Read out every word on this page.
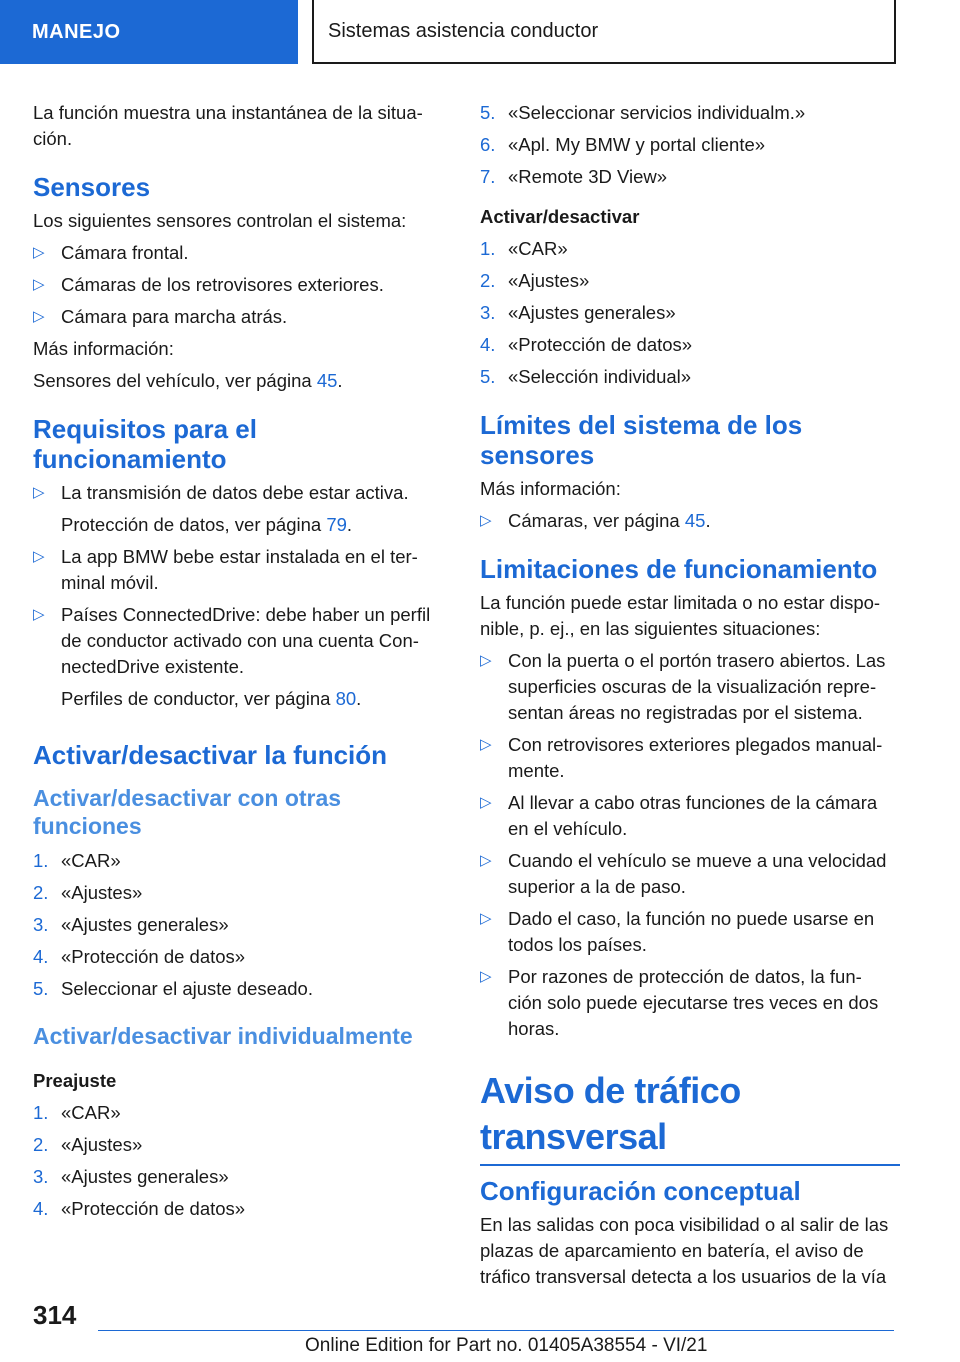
MANEJO	Sistemas asistencia conductor

La función muestra una instantánea de la situa‑ ción.

Sensores

Los siguientes sensores controlan el sistema:

▷ Cámara frontal.
▷ Cámaras de los retrovisores exteriores.
▷ Cámara para marcha atrás.

Más información:

Sensores del vehículo, ver página 45.

Requisitos para el funcionamiento
▷ La transmisión de datos debe estar activa.

Protección de datos, ver página 79.

▷ La app BMW bebe estar instalada en el ter‑ minal móvil.
▷ Países ConnectedDrive: debe haber un perfil de conductor activado con una cuenta Con‑ nectedDrive existente.

Perfiles de conductor, ver página 80.

Activar/desactivar la función
Activar/desactivar con otras funciones
1. «CAR»
2. «Ajustes»
3. «Ajustes generales»
4. «Protección de datos»
5. Seleccionar el ajuste deseado.
Activar/desactivar individualmente
Preajuste
1. «CAR»
2. «Ajustes»
3. «Ajustes generales»
4. «Protección de datos»
5. «Seleccionar servicios individualm.»
6. «Apl. My BMW y portal cliente»
7. «Remote 3D View»
Activar/desactivar
1. «CAR»
2. «Ajustes»
3. «Ajustes generales»
4. «Protección de datos»
5. «Selección individual»
Límites del sistema de los sensores

Más información:

▷ Cámaras, ver página 45.
Limitaciones de funcionamiento

La función puede estar limitada o no estar dispo‑ nible, p. ej., en las siguientes situaciones:

▷ Con la puerta o el portón trasero abiertos. Las superficies oscuras de la visualización repre‑ sentan áreas no registradas por el sistema.
▷ Con retrovisores exteriores plegados manual‑ mente.
▷ Al llevar a cabo otras funciones de la cámara en el vehículo.
▷ Cuando el vehículo se mueve a una velocidad superior a la de paso.
▷ Dado el caso, la función no puede usarse en todos los países.
▷ Por razones de protección de datos, la fun‑ ción solo puede ejecutarse tres veces en dos horas.
Aviso de tráfico transversal
Configuración conceptual

En las salidas con poca visibilidad o al salir de las plazas de aparcamiento en batería, el aviso de tráfico transversal detecta a los usuarios de la vía

314
Online Edition for Part no. 01405A38554 - VI/21
